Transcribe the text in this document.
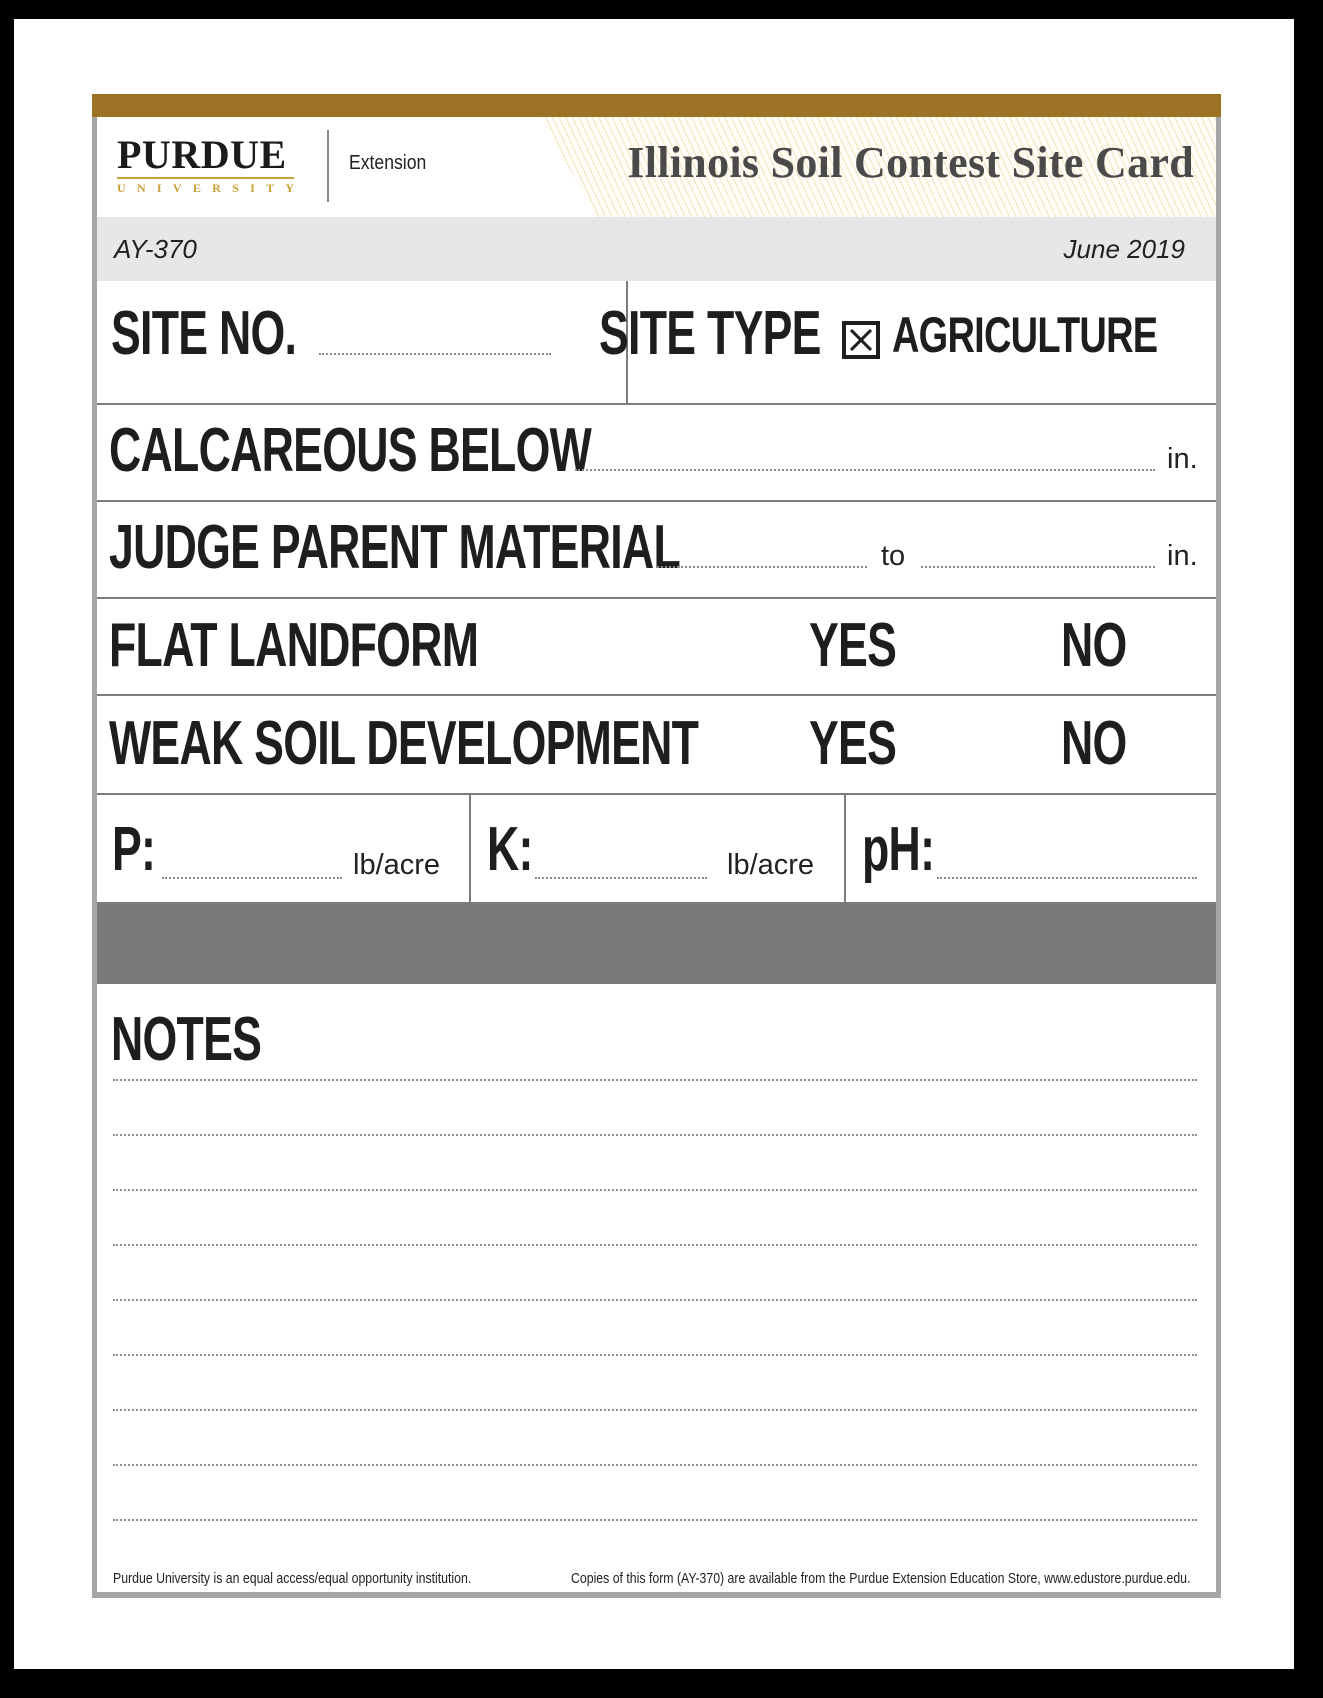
PURDUE
UNIVERSITY
Extension	Illinois Soil Contest Site Card
AY-370	June 2019
SITE NO.	SITE TYPE AGRICULTURE
CALCAREOUS BELOW	in.
JUDGE PARENT MATERIAL	to	in.
FLAT LANDFORM	YES	NO
WEAK SOIL DEVELOPMENT YES	NO
P:	lb/acre K:	lb/acre pH:
NOTES
Purdue University is an equal access/equal opportunity institution.	Copies of this form (AY-370) are available from the Purdue Extension Education Store, www.edustore.purdue.edu.
